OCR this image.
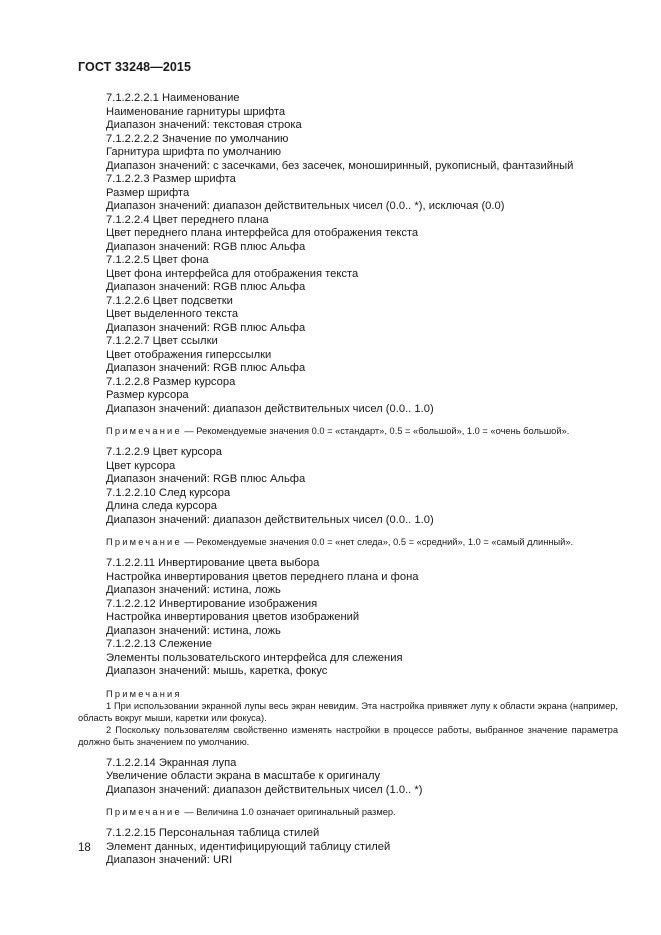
ГОСТ 33248—2015
7.1.2.2.2.1 Наименование
Наименование гарнитуры шрифта
Диапазон значений: текстовая строка
7.1.2.2.2.2 Значение по умолчанию
Гарнитура шрифта по умолчанию
Диапазон значений: с засечками, без засечек, моноширинный, рукописный, фантазийный
7.1.2.2.3 Размер шрифта
Размер шрифта
Диапазон значений: диапазон действительных чисел (0.0.. *), исключая (0.0)
7.1.2.2.4 Цвет переднего плана
Цвет переднего плана интерфейса для отображения текста
Диапазон значений: RGB плюс Альфа
7.1.2.2.5 Цвет фона
Цвет фона интерфейса для отображения текста
Диапазон значений: RGB плюс Альфа
7.1.2.2.6 Цвет подсветки
Цвет выделенного текста
Диапазон значений: RGB плюс Альфа
7.1.2.2.7 Цвет ссылки
Цвет отображения гиперссылки
Диапазон значений: RGB плюс Альфа
7.1.2.2.8 Размер курсора
Размер курсора
Диапазон значений: диапазон действительных чисел (0.0.. 1.0)
Примечание — Рекомендуемые значения 0.0 = «стандарт», 0.5 = «большой», 1.0 = «очень большой».
7.1.2.2.9 Цвет курсора
Цвет курсора
Диапазон значений: RGB плюс Альфа
7.1.2.2.10 След курсора
Длина следа курсора
Диапазон значений: диапазон действительных чисел (0.0.. 1.0)
Примечание — Рекомендуемые значения 0.0 = «нет следа», 0.5 = «средний», 1.0 = «самый длинный».
7.1.2.2.11 Инвертирование цвета выбора
Настройка инвертирования цветов переднего плана и фона
Диапазон значений: истина, ложь
7.1.2.2.12 Инвертирование изображения
Настройка инвертирования цветов изображений
Диапазон значений: истина, ложь
7.1.2.2.13 Слежение
Элементы пользовательского интерфейса для слежения
Диапазон значений: мышь, каретка, фокус
Примечания
1 При использовании экранной лупы весь экран невидим. Эта настройка привяжет лупу к области экрана (например, область вокруг мыши, каретки или фокуса).
2 Поскольку пользователям свойственно изменять настройки в процессе работы, выбранное значение параметра должно быть значением по умолчанию.
7.1.2.2.14 Экранная лупа
Увеличение области экрана в масштабе к оригиналу
Диапазон значений: диапазон действительных чисел (1.0.. *)
Примечание — Величина 1.0 означает оригинальный размер.
7.1.2.2.15 Персональная таблица стилей
Элемент данных, идентифицирующий таблицу стилей
Диапазон значений: URI
18
